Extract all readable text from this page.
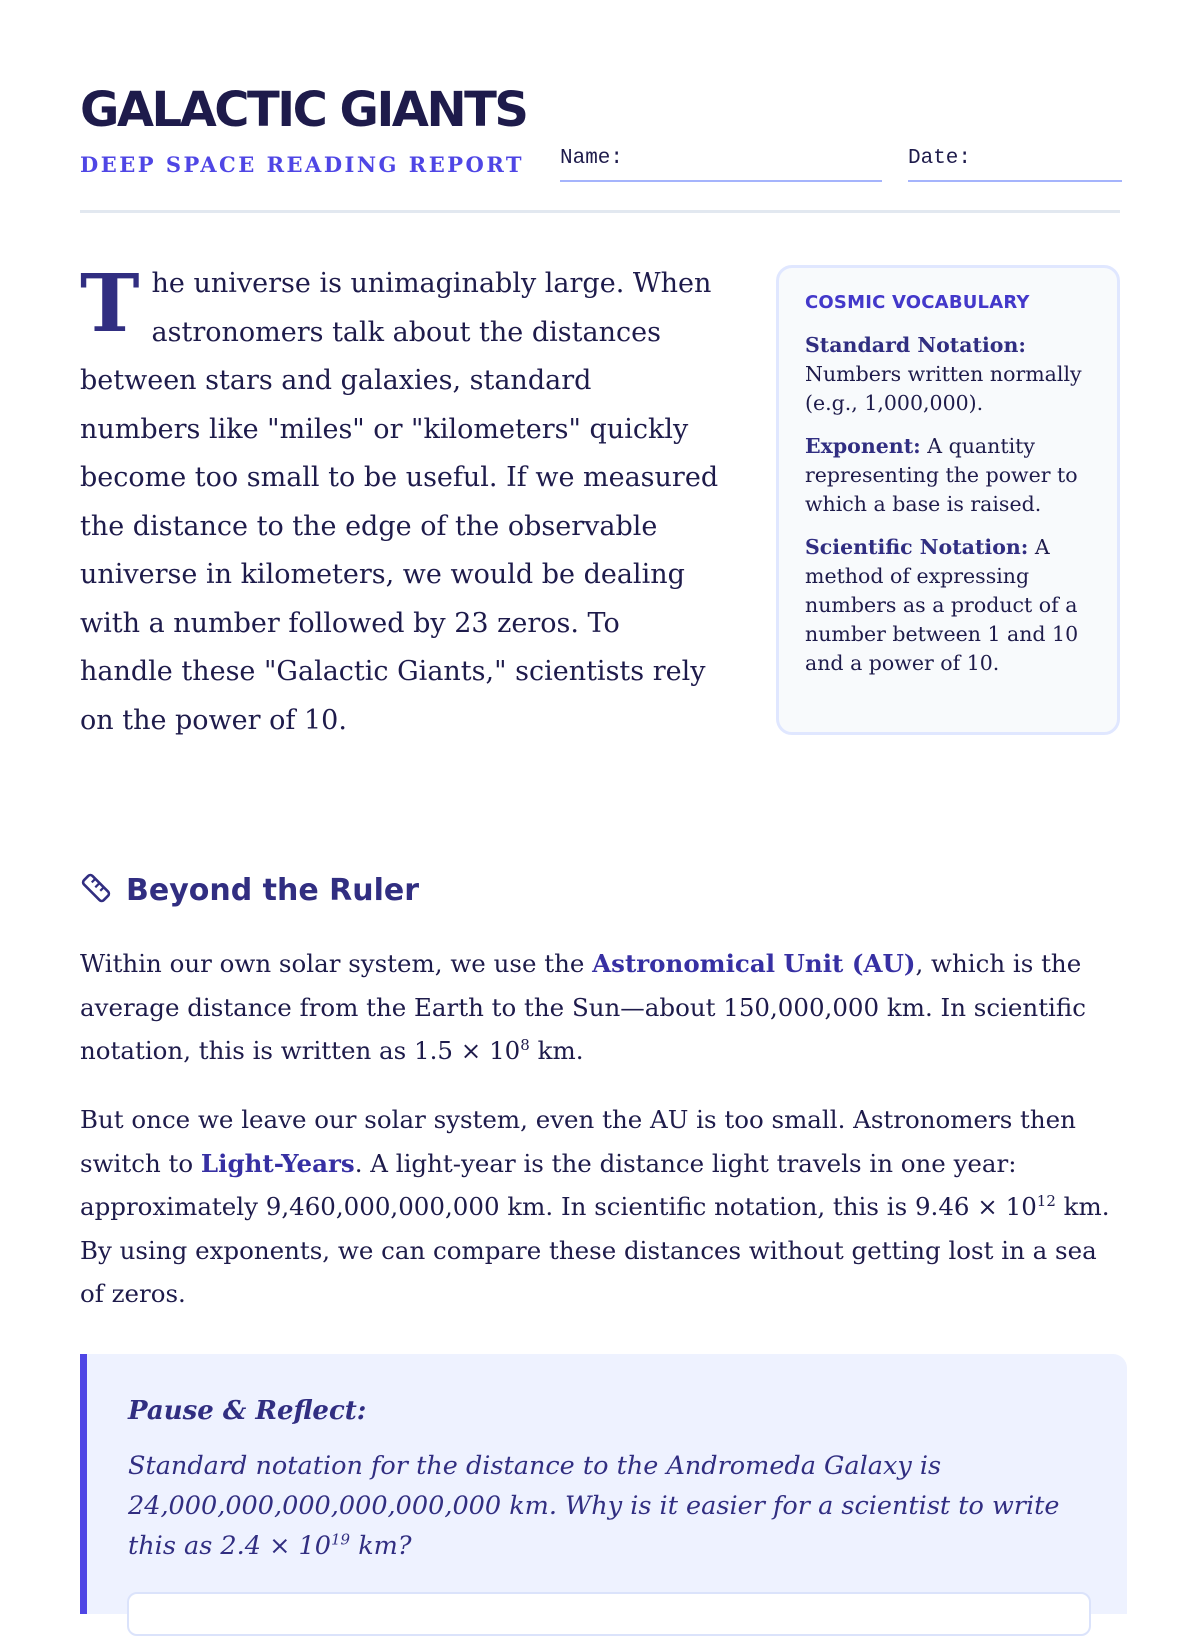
GALACTIC GIANTS
DEEP SPACE READING REPORT Name:	Date:
The universe is unimaginably large. When astronomers talk about the distances between stars and galaxies, standard numbers like "miles" or "kilometers" quickly become too small to be useful. If we measured the distance to the edge of the observable universe in kilometers, we would be dealing with a number followed by 23 zeros. To handle these "Galactic Giants," scientists rely on the power of 10.
COSMIC VOCABULARY
Standard Notation: Numbers written normally (e.g., 1,000,000).
Exponent: A quantity representing the power to which a base is raised.
Scientific Notation: A method of expressing numbers as a product of a number between 1 and 10 and a power of 10.
Beyond the Ruler
Within our own solar system, we use the Astronomical Unit (AU), which is the average distance from the Earth to the Sun—about 150,000,000 km. In scientific notation, this is written as $1.5 \times 10^8$ km.
But once we leave our solar system, even the AU is too small. Astronomers then switch to Light-Years. A light-year is the distance light travels in one year: approximately 9,460,000,000,000 km. In scientific notation, this is $9.46 \times 10^{12}$ km. By using exponents, we can compare these distances without getting lost in a sea of zeros.
Pause & Reflect:
Standard notation for the distance to the Andromeda Galaxy is 24,000,000,000,000,000,000 km. Why is it easier for a scientist to write this as $2.4 \times 10^{19}$ km?
